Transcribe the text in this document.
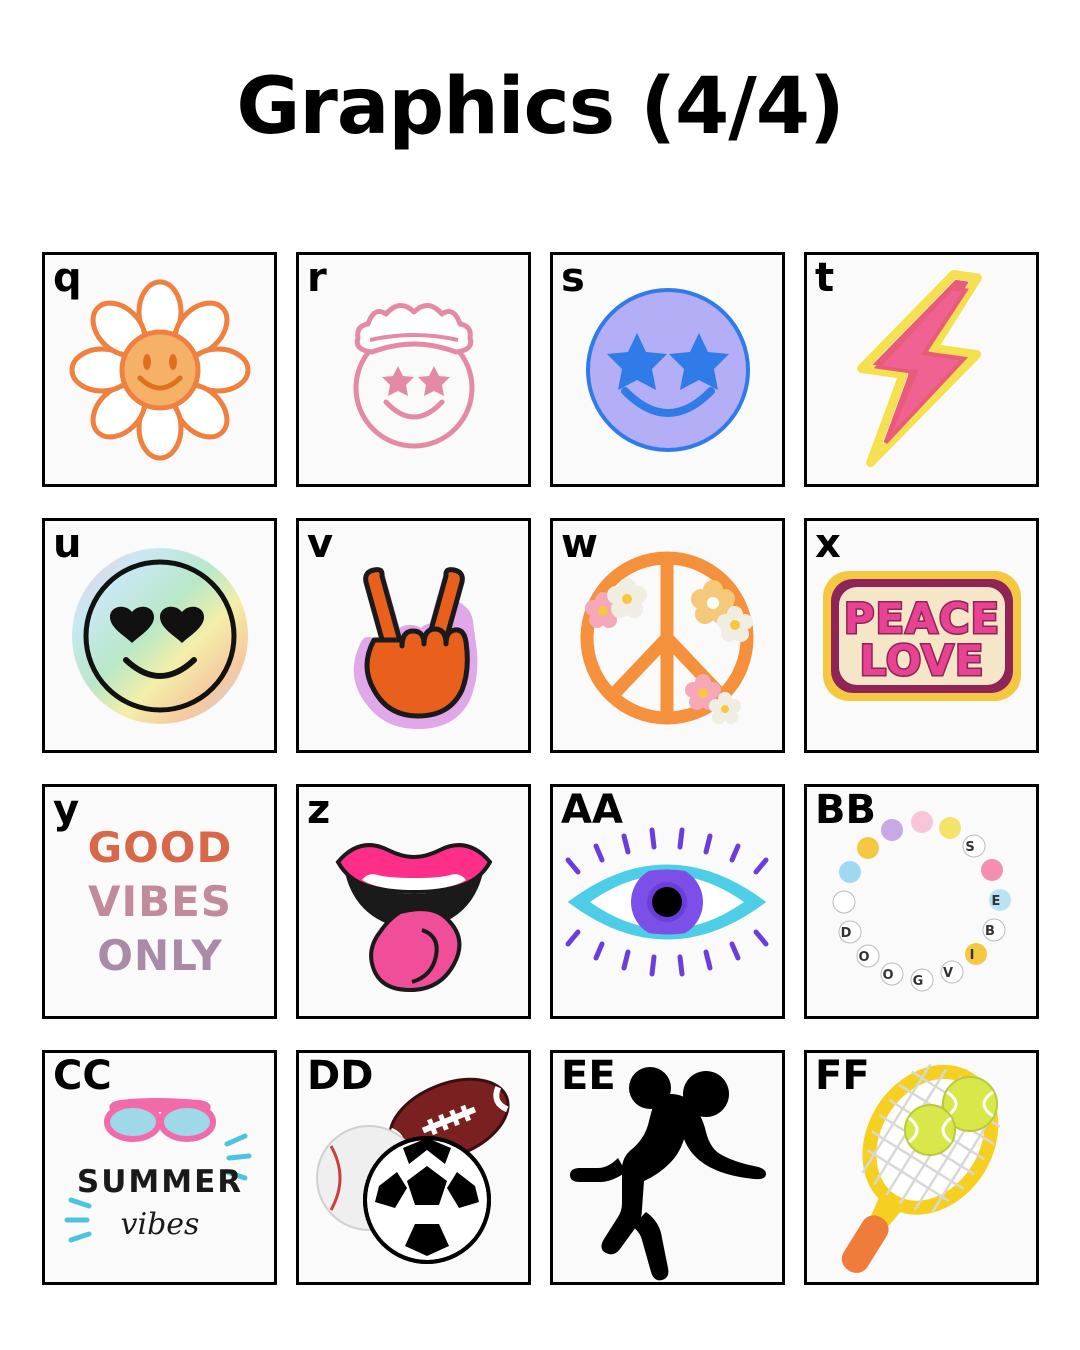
Graphics (4/4)
q	r	s	t
u	v	w	x
PEACE
LOVE
y
GOOD
VIBES
ONLY
z	AA	BB
G
O
O
D
V
I
B
E
S
CC
SUMMER
vibes
DD	EE	FF
